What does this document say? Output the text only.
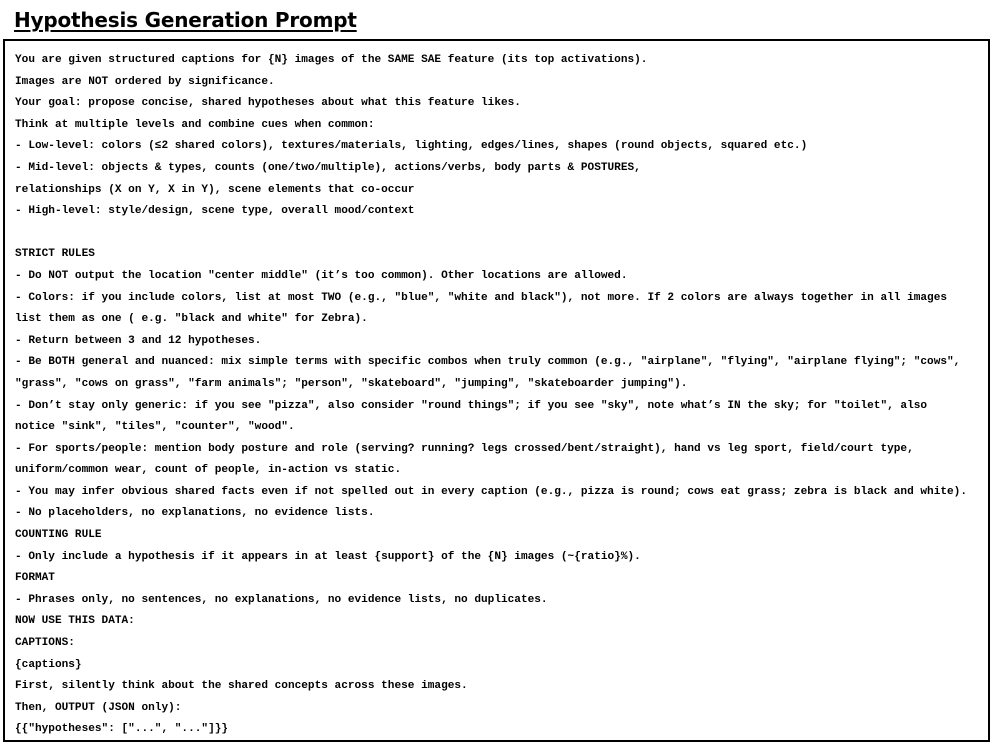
Hypothesis Generation Prompt
You are given structured captions for {N} images of the SAME SAE feature (its top activations).
Images are NOT ordered by significance.
Your goal: propose concise, shared hypotheses about what this feature likes.
Think at multiple levels and combine cues when common:
- Low-level: colors (≤2 shared colors), textures/materials, lighting, edges/lines, shapes (round objects, squared etc.)
- Mid-level: objects & types, counts (one/two/multiple), actions/verbs, body parts & POSTURES,
relationships (X on Y, X in Y), scene elements that co-occur
- High-level: style/design, scene type, overall mood/context
STRICT RULES
- Do NOT output the location "center middle" (it’s too common). Other locations are allowed.
- Colors: if you include colors, list at most TWO (e.g., "blue", "white and black"), not more. If 2 colors are always together in all images
list them as one ( e.g. "black and white" for Zebra).
- Return between 3 and 12 hypotheses.
- Be BOTH general and nuanced: mix simple terms with specific combos when truly common (e.g., "airplane", "flying", "airplane flying"; "cows",
"grass", "cows on grass", "farm animals"; "person", "skateboard", "jumping", "skateboarder jumping").
- Don’t stay only generic: if you see "pizza", also consider "round things"; if you see "sky", note what’s IN the sky; for "toilet", also
notice "sink", "tiles", "counter", "wood".
- For sports/people: mention body posture and role (serving? running? legs crossed/bent/straight), hand vs leg sport, field/court type,
uniform/common wear, count of people, in-action vs static.
- You may infer obvious shared facts even if not spelled out in every caption (e.g., pizza is round; cows eat grass; zebra is black and white).
- No placeholders, no explanations, no evidence lists.
COUNTING RULE
- Only include a hypothesis if it appears in at least {support} of the {N} images (~{ratio}%).
FORMAT
- Phrases only, no sentences, no explanations, no evidence lists, no duplicates.
NOW USE THIS DATA:
CAPTIONS:
{captions}
First, silently think about the shared concepts across these images.
Then, OUTPUT (JSON only):
{{"hypotheses": ["...", "..."]}}
